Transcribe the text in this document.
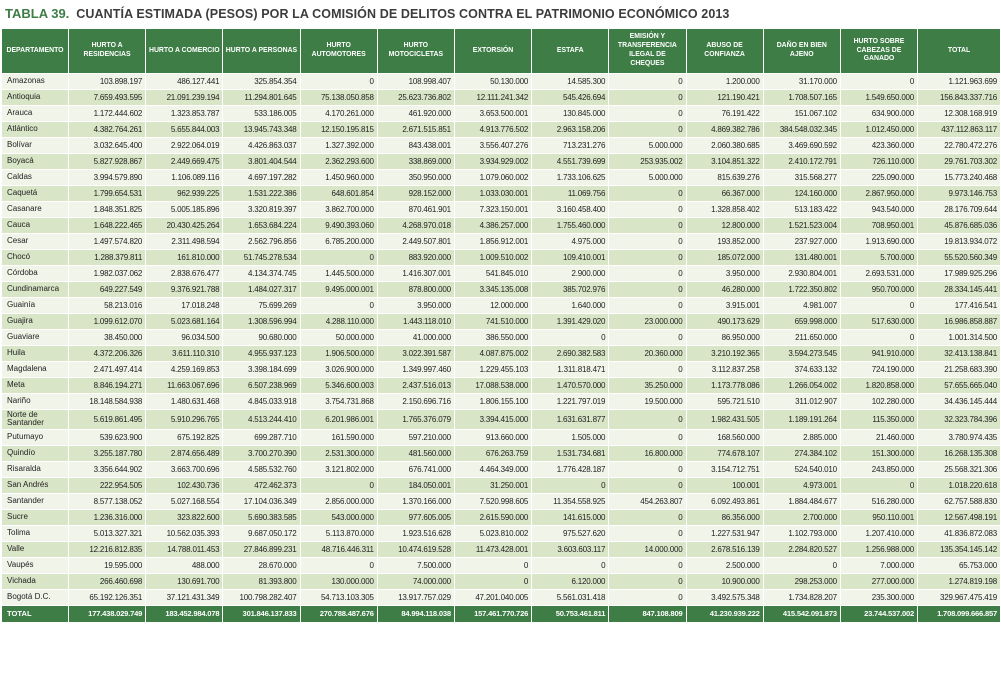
TABLA 39. CUANTÍA ESTIMADA (PESOS) POR LA COMISIÓN DE DELITOS CONTRA EL PATRIMONIO ECONÓMICO 2013
DEPARTAMENTO	HURTO A RESIDENCIAS	HURTO A COMERCIO	HURTO A PERSONAS	HURTO AUTOMOTORES	HURTO MOTOCICLETAS	EXTORSIÓN	ESTAFA	EMISIÓN Y TRANSFERENCIA ILEGAL DE CHEQUES	ABUSO DE CONFIANZA	DAÑO EN BIEN AJENO	HURTO SOBRE CABEZAS DE GANADO	TOTAL
Amazonas	103.898.197	486.127.441	325.854.354	0	108.998.407	50.130.000	14.585.300	0	1.200.000	31.170.000	0	1.121.963.699
Antioquia	7.659.493.595	21.091.239.194	11.294.801.645	75.138.050.858	25.623.736.802	12.111.241.342	545.426.694	0	121.190.421	1.708.507.165	1.549.650.000	156.843.337.716
Arauca	1.172.444.602	1.323.853.787	533.186.005	4.170.261.000	461.920.000	3.653.500.001	130.845.000	0	76.191.422	151.067.102	634.900.000	12.308.168.919
Atlántico	4.382.764.261	5.655.844.003	13.945.743.348	12.150.195.815	2.671.515.851	4.913.776.502	2.963.158.206	0	4.869.382.786	384.548.032.345	1.012.450.000	437.112.863.117
Bolívar	3.032.645.400	2.922.064.019	4.426.863.037	1.327.392.000	843.438.001	3.556.407.276	713.231.276	5.000.000	2.060.380.685	3.469.690.592	423.360.000	22.780.472.276
Boyacá	5.827.928.867	2.449.669.475	3.801.404.544	2.362.293.600	338.869.000	3.934.929.002	4.551.739.699	253.935.002	3.104.851.322	2.410.172.791	726.110.000	29.761.703.302
Caldas	3.994.579.890	1.106.089.116	4.697.197.282	1.450.960.000	350.950.000	1.079.060.002	1.733.106.625	5.000.000	815.639.276	315.568.277	225.090.000	15.773.240.468
Caquetá	1.799.654.531	962.939.225	1.531.222.386	648.601.854	928.152.000	1.033.030.001	11.069.756	0	66.367.000	124.160.000	2.867.950.000	9.973.146.753
Casanare	1.848.351.825	5.005.185.896	3.320.819.397	3.862.700.000	870.461.901	7.323.150.001	3.160.458.400	0	1.328.858.402	513.183.422	943.540.000	28.176.709.644
Cauca	1.648.222.465	20.430.425.264	1.653.684.224	9.490.393.060	4.268.970.018	4.386.257.000	1.755.460.000	0	12.800.000	1.521.523.004	708.950.001	45.876.685.036
Cesar	1.497.574.820	2.311.498.594	2.562.796.856	6.785.200.000	2.449.507.801	1.856.912.001	4.975.000	0	193.852.000	237.927.000	1.913.690.000	19.813.934.072
Chocó	1.288.379.811	161.810.000	51.745.278.534	0	883.920.000	1.009.510.002	109.410.001	0	185.072.000	131.480.001	5.700.000	55.520.560.349
Córdoba	1.982.037.062	2.838.676.477	4.134.374.745	1.445.500.000	1.416.307.001	541.845.010	2.900.000	0	3.950.000	2.930.804.001	2.693.531.000	17.989.925.296
Cundinamarca	649.227.549	9.376.921.788	1.484.027.317	9.495.000.001	878.800.000	3.345.135.008	385.702.976	0	46.280.000	1.722.350.802	950.700.000	28.334.145.441
Guainía	58.213.016	17.018.248	75.699.269	0	3.950.000	12.000.000	1.640.000	0	3.915.001	4.981.007	0	177.416.541
Guajira	1.099.612.070	5.023.681.164	1.308.596.994	4.288.110.000	1.443.118.010	741.510.000	1.391.429.020	23.000.000	490.173.629	659.998.000	517.630.000	16.986.858.887
Guaviare	38.450.000	96.034.500	90.680.000	50.000.000	41.000.000	386.550.000	0	0	86.950.000	211.650.000	0	1.001.314.500
Huila	4.372.206.326	3.611.110.310	4.955.937.123	1.906.500.000	3.022.391.587	4.087.875.002	2.690.382.583	20.360.000	3.210.192.365	3.594.273.545	941.910.000	32.413.138.841
Magdalena	2.471.497.414	4.259.169.853	3.398.184.699	3.026.900.000	1.349.997.460	1.229.455.103	1.311.818.471	0	3.112.837.258	374.633.132	724.190.000	21.258.683.390
Meta	8.846.194.271	11.663.067.696	6.507.238.969	5.346.600.003	2.437.516.013	17.088.538.000	1.470.570.000	35.250.000	1.173.778.086	1.266.054.002	1.820.858.000	57.655.665.040
Nariño	18.148.584.938	1.480.631.468	4.845.033.918	3.754.731.868	2.150.696.716	1.806.155.100	1.221.797.019	19.500.000	595.721.510	311.012.907	102.280.000	34.436.145.444
Norte de Santander	5.619.861.495	5.910.296.765	4.513.244.410	6.201.986.001	1.765.376.079	3.394.415.000	1.631.631.877	0	1.982.431.505	1.189.191.264	115.350.000	32.323.784.396
Putumayo	539.623.900	675.192.825	699.287.710	161.590.000	597.210.000	913.660.000	1.505.000	0	168.560.000	2.885.000	21.460.000	3.780.974.435
Quindío	3.255.187.780	2.874.656.489	3.700.270.390	2.531.300.000	481.560.000	676.263.759	1.531.734.681	16.800.000	774.678.107	274.384.102	151.300.000	16.268.135.308
Risaralda	3.356.644.902	3.663.700.696	4.585.532.760	3.121.802.000	676.741.000	4.464.349.000	1.776.428.187	0	3.154.712.751	524.540.010	243.850.000	25.568.321.306
San Andrés	222.954.505	102.430.736	472.462.373	0	184.050.001	31.250.001	0	0	100.001	4.973.001	0	1.018.220.618
Santander	8.577.138.052	5.027.168.554	17.104.036.349	2.856.000.000	1.370.166.000	7.520.998.605	11.354.558.925	454.263.807	6.092.493.861	1.884.484.677	516.280.000	62.757.588.830
Sucre	1.236.316.000	323.822.600	5.690.383.585	543.000.000	977.605.005	2.615.590.000	141.615.000	0	86.356.000	2.700.000	950.110.001	12.567.498.191
Tolima	5.013.327.321	10.562.035.393	9.687.050.172	5.113.870.000	1.923.516.628	5.023.810.002	975.527.620	0	1.227.531.947	1.102.793.000	1.207.410.000	41.836.872.083
Valle	12.216.812.835	14.788.011.453	27.846.899.231	48.716.446.311	10.474.619.528	11.473.428.001	3.603.603.117	14.000.000	2.678.516.139	2.284.820.527	1.256.988.000	135.354.145.142
Vaupés	19.595.000	488.000	28.670.000	0	7.500.000	0	0	0	2.500.000	0	7.000.000	65.753.000
Vichada	266.460.698	130.691.700	81.393.800	130.000.000	74.000.000	0	6.120.000	0	10.900.000	298.253.000	277.000.000	1.274.819.198
Bogotá D.C.	65.192.126.351	37.121.431.349	100.798.282.407	54.713.103.305	13.917.757.029	47.201.040.005	5.561.031.418	0	3.492.575.348	1.734.828.207	235.300.000	329.967.475.419
TOTAL	177.438.029.749	183.452.984.078	301.846.137.833	270.788.487.676	84.994.118.038	157.461.770.726	50.753.461.811	847.108.809	41.230.939.222	415.542.091.873	23.744.537.002	1.708.099.666.857
